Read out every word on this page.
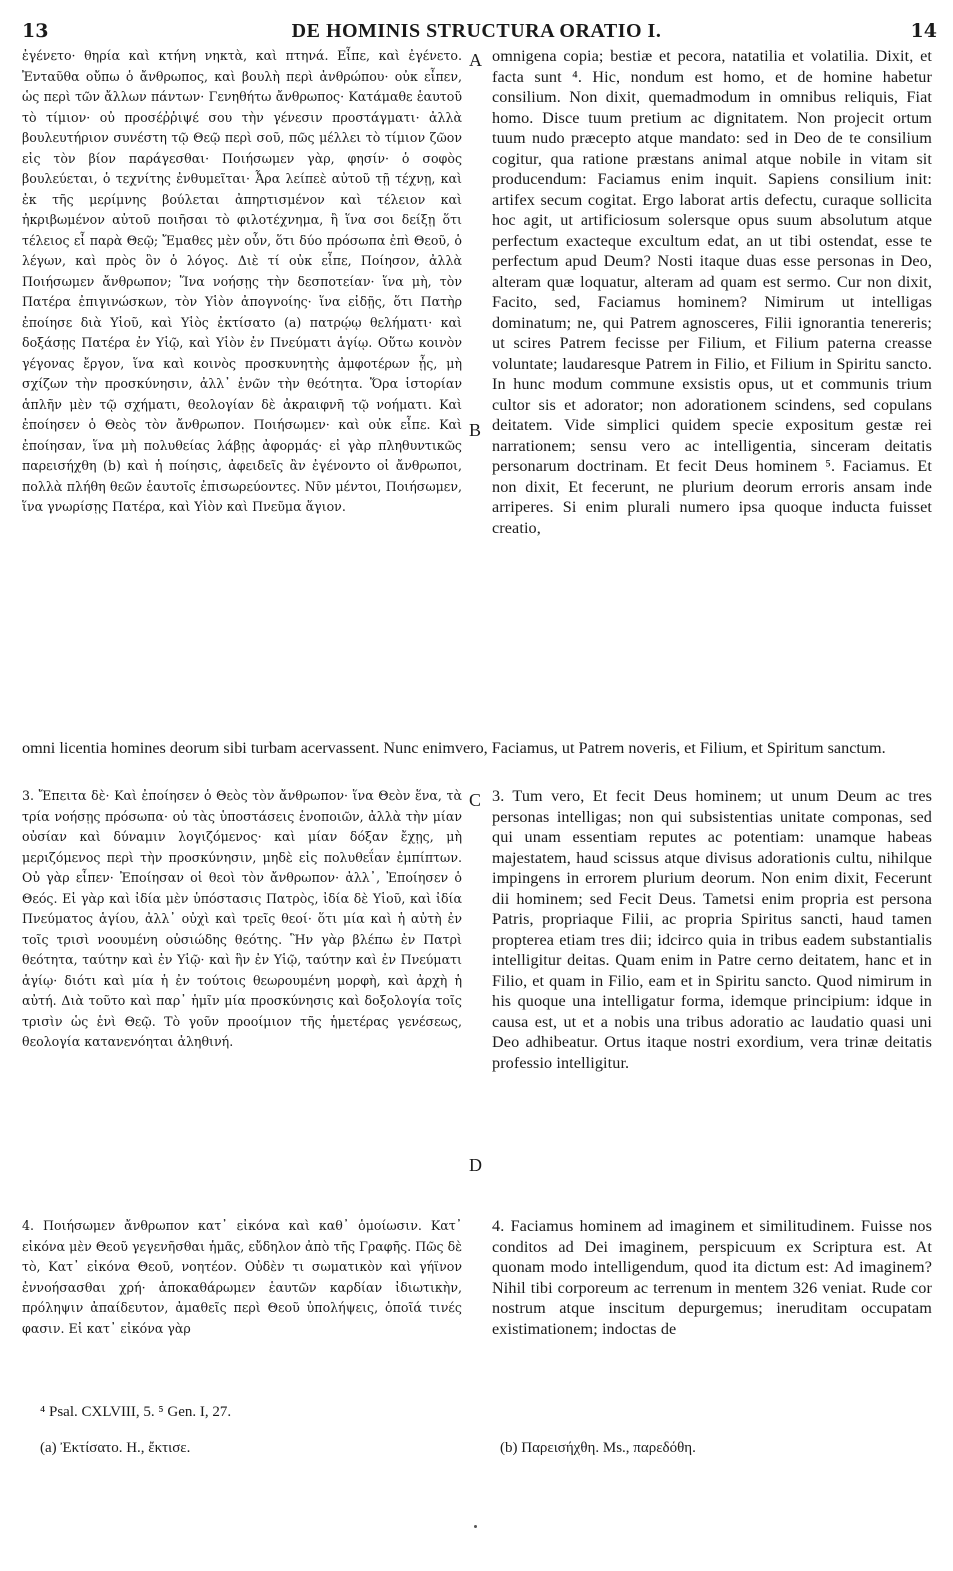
13	DE HOMINIS STRUCTURA ORATIO I.	14

ἐγένετο· θηρία καὶ κτήνη νηκτὰ, καὶ πτηνά. Εἶπε, καὶ ἐγένετο. Ἐνταῦθα οὔπω ὁ ἄνθρωπος, καὶ βουλὴ περὶ ἀνθρώπου· οὐκ εἶπεν, ὡς περὶ τῶν ἄλλων πάντων· Γενηθήτω ἄνθρωπος· Κατάμαθε ἑαυτοῦ τὸ τίμιον· οὐ προσέῤῥιψέ σου τὴν γένεσιν προστάγματι· ἀλλὰ βουλευτήριον συνέστη τῷ Θεῷ περὶ σοῦ, πῶς μέλλει τὸ τίμιον ζῶον εἰς τὸν βίον παράγεσθαι· Ποιήσωμεν γὰρ, φησίν· ὁ σοφὸς βουλεύεται, ὁ τεχνίτης ἐνθυμεῖται· Ἆρα λείπεὲ αὐτοῦ τῇ τέχνῃ, καὶ ἐκ τῆς μερίμνης βούλεται ἀπηρτισμένον καὶ τέλειον καὶ ἠκριβωμένον αὐτοῦ ποιῆσαι τὸ φιλοτέχνημα, ἢ ἵνα σοι δείξῃ ὅτι τέλειος εἶ παρὰ Θεῷ; Ἔμαθες μὲν οὖν, ὅτι δύο πρόσωπα ἐπὶ Θεοῦ, ὁ λέγων, καὶ πρὸς ὃν ὁ λόγος. Διὲ τί οὐκ εἶπε, Ποίησον, ἀλλὰ Ποιήσωμεν ἄνθρωπον; Ἵνα νοήσῃς τὴν δεσποτείαν· ἵνα μὴ, τὸν Πατέρα ἐπιγινώσκων, τὸν Υἱὸν ἀπογνοίης· ἵνα εἰδῇς, ὅτι Πατὴρ ἐποίησε διὰ Υἱοῦ, καὶ Υἱὸς ἐκτίσατο (a) πατρῴῳ θελήματι· καὶ δοξάσῃς Πατέρα ἐν Υἱῷ, καὶ Υἱὸν ἐν Πνεύματι ἁγίῳ. Οὕτω κοινὸν γέγονας ἔργον, ἵνα καὶ κοινὸς προσκυνητὴς ἀμφοτέρων ᾖς, μὴ σχίζων τὴν προσκύνησιν, ἀλλ᾽ ἑνῶν τὴν θεότητα. Ὅρα ἱστορίαν ἁπλῆν μὲν τῷ σχήματι, θεολογίαν δὲ ἀκραιφνῆ τῷ νοήματι. Καὶ ἐποίησεν ὁ Θεὸς τὸν ἄνθρωπον. Ποιήσωμεν· καὶ οὐκ εἶπε. Καὶ ἐποίησαν, ἵνα μὴ πολυθείας λάβῃς ἀφορμάς· εἰ γὰρ πληθυντικῶς παρεισήχθη (b) καὶ ἡ ποίησις, ἀφειδεῖς ἂν ἐγένοντο οἱ ἄνθρωποι, πολλὰ πλήθη θεῶν ἑαυτοῖς ἐπισωρεύοντες. Νῦν μέντοι, Ποιήσωμεν, ἵνα γνωρίσῃς Πατέρα, καὶ Υἱὸν καὶ Πνεῦμα ἅγιον.

omnigena copia; bestiæ et pecora, natatilia et volatilia. Dixit, et facta sunt ⁴. Hic, nondum est homo, et de homine habetur consilium. Non dixit, quemadmodum in omnibus reliquis, Fiat homo. Disce tuum pretium ac dignitatem. Non projecit ortum tuum nudo præcepto atque mandato: sed in Deo de te consilium cogitur, qua ratione præstans animal atque nobile in vitam sit producendum: Faciamus enim inquit. Sapiens consilium init: artifex secum cogitat. Ergo laborat artis defectu, curaque sollicita hoc agit, ut artificiosum solersque opus suum absolutum atque perfectum exacteque excultum edat, an ut tibi ostendat, esse te perfectum apud Deum? Nosti itaque duas esse personas in Deo, alteram quæ loquatur, alteram ad quam est sermo. Cur non dixit, Facito, sed, Faciamus hominem? Nimirum ut intelligas dominatum; ne, qui Patrem agnosceres, Filii ignorantia tenereris; ut scires Patrem fecisse per Filium, et Filium paterna creasse voluntate; laudaresque Patrem in Filio, et Filium in Spiritu sancto. In hunc modum commune exsistis opus, ut et communis trium cultor sis et adorator; non adorationem scindens, sed copulans deitatem. Vide simplici quidem specie expositum gestæ rei narrationem; sensu vero ac intelligentia, sinceram deitatis personarum doctrinam. Et fecit Deus hominem ⁵. Faciamus. Et non dixit, Et fecerunt, ne plurium deorum erroris ansam inde arriperes. Si enim plurali numero ipsa quoque inducta fuisset creatio,

A
B
omni licentia homines deorum sibi turbam acervassent. Nunc enimvero, Faciamus, ut Patrem noveris, et Filium, et Spiritum sanctum.

3. Ἔπειτα δὲ· Καὶ ἐποίησεν ὁ Θεὸς τὸν ἄνθρωπον· ἵνα Θεὸν ἕνα, τὰ τρία νοήσῃς πρόσωπα· οὐ τὰς ὑποστάσεις ἑνοποιῶν, ἀλλὰ τὴν μίαν οὐσίαν καὶ δύναμιν λογιζόμενος· καὶ μίαν δόξαν ἔχῃς, μὴ μεριζόμενος περὶ τὴν προσκύνησιν, μηδὲ εἰς πολυθεΐαν ἐμπίπτων. Οὐ γὰρ εἶπεν· Ἐποίησαν οἱ θεοὶ τὸν ἄνθρωπον· ἀλλ᾽, Ἐποίησεν ὁ Θεός. Εἰ γὰρ καὶ ἰδία μὲν ὑπόστασις Πατρὸς, ἰδία δὲ Υἱοῦ, καὶ ἰδία Πνεύματος ἁγίου, ἀλλ᾽ οὐχὶ καὶ τρεῖς θεοί· ὅτι μία καὶ ἡ αὐτὴ ἐν τοῖς τρισὶ νοουμένη οὐσιώδης θεότης. Ἣν γὰρ βλέπω ἐν Πατρὶ θεότητα, ταύτην καὶ ἐν Υἱῷ· καὶ ἣν ἐν Υἱῷ, ταύτην καὶ ἐν Πνεύματι ἁγίῳ· διότι καὶ μία ἡ ἐν τούτοις θεωρουμένη μορφὴ, καὶ ἀρχὴ ἡ αὐτή. Διὰ τοῦτο καὶ παρ᾽ ἡμῖν μία προσκύνησις καὶ δοξολογία τοῖς τρισὶν ὡς ἑνὶ Θεῷ. Τὸ γοῦν προοίμιον τῆς ἡμετέρας γενέσεως, θεολογία κατανενόηται ἀληθινή.

3. Tum vero, Et fecit Deus hominem; ut unum Deum ac tres personas intelligas; non qui subsistentias unitate componas, sed qui unam essentiam reputes ac potentiam: unamque habeas majestatem, haud scissus atque divisus adorationis cultu, nihilque impingens in errorem plurium deorum. Non enim dixit, Fecerunt dii hominem; sed Fecit Deus. Tametsi enim propria est persona Patris, propriaque Filii, ac propria Spiritus sancti, haud tamen propterea etiam tres dii; idcirco quia in tribus eadem substantialis intelligitur deitas. Quam enim in Patre cerno deitatem, hanc et in Filio, et quam in Filio, eam et in Spiritu sancto. Quod nimirum in his quoque una intelligatur forma, idemque principium: idque in causa est, ut et a nobis una tribus adoratio ac laudatio quasi uni Deo adhibeatur. Ortus itaque nostri exordium, vera trinæ deitatis professio intelligitur.

C
D

4. Ποιήσωμεν ἄνθρωπον κατ᾽ εἰκόνα καὶ καθ᾽ ὁμοίωσιν. Κατ᾽ εἰκόνα μὲν Θεοῦ γεγενῆσθαι ἡμᾶς, εὔδηλον ἀπὸ τῆς Γραφῆς. Πῶς δὲ τὸ, Κατ᾽ εἰκόνα Θεοῦ, νοητέον. Οὐδὲν τι σωματικὸν καὶ γήϊνον ἐννοήσασθαι χρή· ἀποκαθάρωμεν ἑαυτῶν καρδίαν ἰδιωτικὴν, πρόληψιν ἀπαίδευτον, ἀμαθεῖς περὶ Θεοῦ ὑπολήψεις, ὁποῖά τινές φασιν. Εἰ κατ᾽ εἰκόνα γὰρ

4. Faciamus hominem ad imaginem et similitudinem. Fuisse nos conditos ad Dei imaginem, perspicuum ex Scriptura est. At quonam modo intelligendum, quod ita dictum est: Ad imaginem? Nihil tibi corporeum ac terrenum in mentem 326 veniat. Rude cor nostrum atque inscitum depurgemus; ineruditam occupatam existimationem; indoctas de

⁴ Psal. CXLVIII, 5. ⁵ Gen. I, 27.
(a) Ἐκτίσατο. Η., ἔκτισε.	(b) Παρεισήχθη. Μs., παρεδόθη.
